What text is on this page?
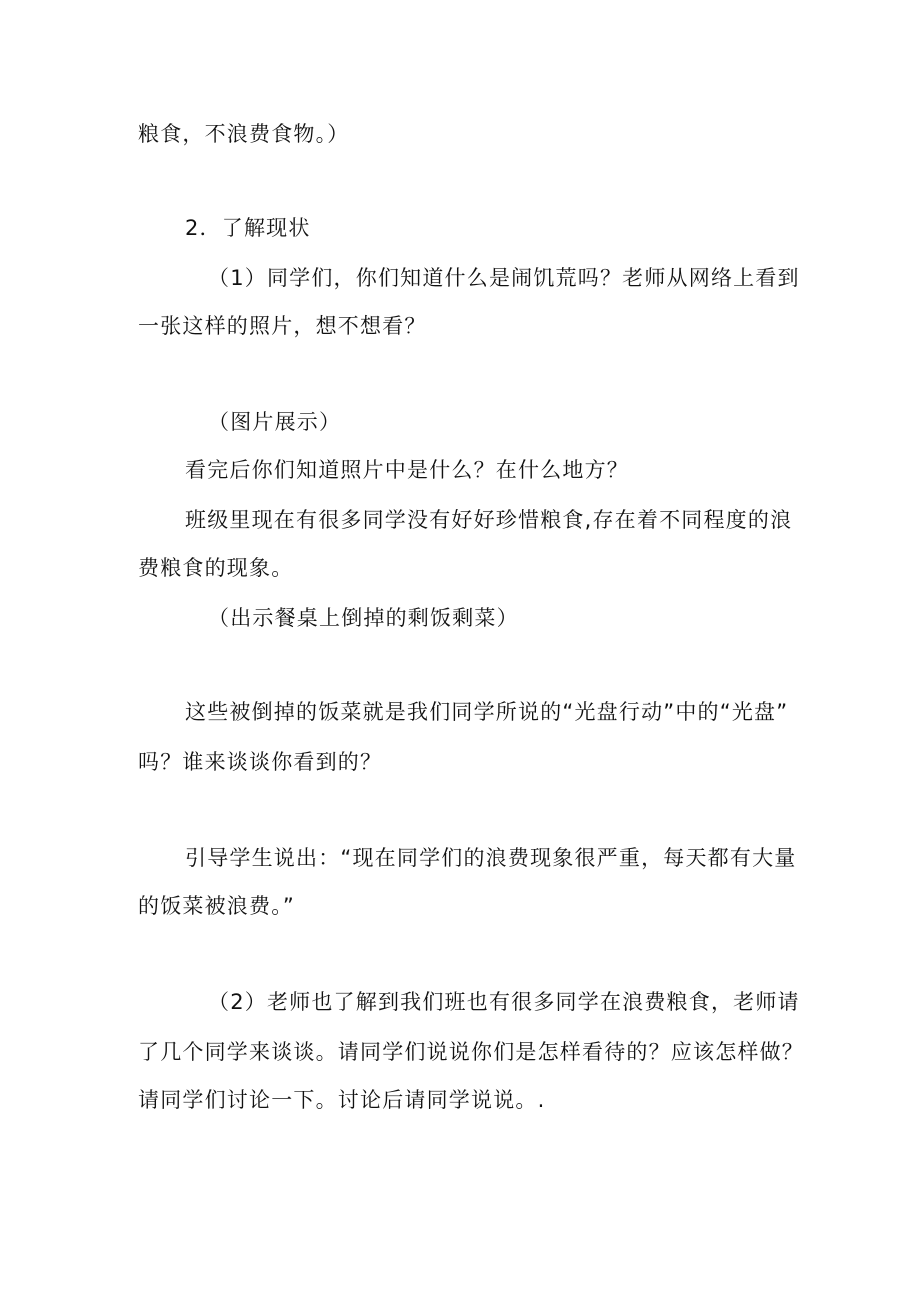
粮食，不浪费食物。）
2．了解现状
（1）同学们，你们知道什么是闹饥荒吗？老师从网络上看到
一张这样的照片，想不想看？
（图片展示）
看完后你们知道照片中是什么？在什么地方？
班级里现在有很多同学没有好好珍惜粮食,存在着不同程度的浪
费粮食的现象。
（出示餐桌上倒掉的剩饭剩菜）
这些被倒掉的饭菜就是我们同学所说的“光盘行动”中的“光盘”
吗？谁来谈谈你看到的？
引导学生说出：“现在同学们的浪费现象很严重，每天都有大量
的饭菜被浪费。”
（2）老师也了解到我们班也有很多同学在浪费粮食，老师请
了几个同学来谈谈。请同学们说说你们是怎样看待的？应该怎样做？
请同学们讨论一下。讨论后请同学说说。.
